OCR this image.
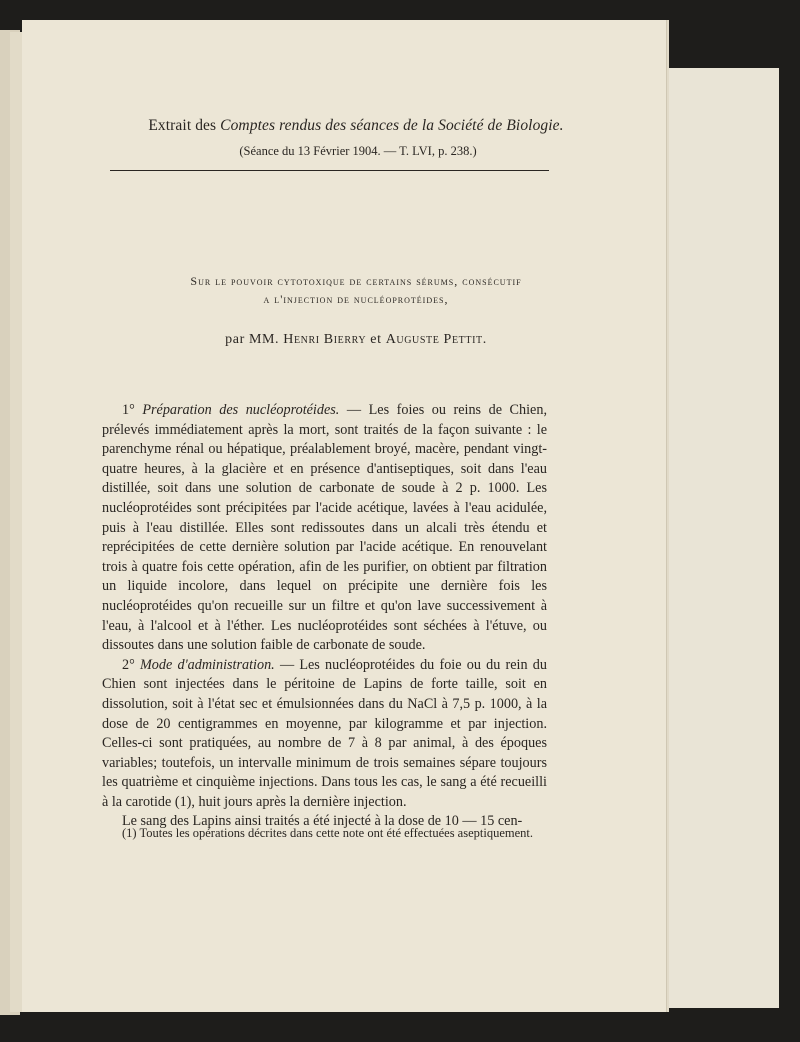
Extrait des Comptes rendus des séances de la Société de Biologie.
(Séance du 13 Février 1904. — T. LVI, p. 238.)
Sur le pouvoir cytotoxique de certains sérums, consécutif
a l'injection de nucléoprotéides,
par MM. Henri Bierry et Auguste Pettit.

1° Préparation des nucléoprotéides. — Les foies ou reins de Chien, prélevés immédiatement après la mort, sont traités de la façon suivante : le parenchyme rénal ou hépatique, préalablement broyé, macère, pendant vingt-quatre heures, à la glacière et en présence d'antiseptiques, soit dans l'eau distillée, soit dans une solution de carbonate de soude à 2 p. 1000. Les nucléoprotéides sont précipitées par l'acide acétique, lavées à l'eau acidulée, puis à l'eau distillée. Elles sont redissoutes dans un alcali très étendu et reprécipitées de cette dernière solution par l'acide acétique. En renouvelant trois à quatre fois cette opération, afin de les purifier, on obtient par filtration un liquide incolore, dans lequel on précipite une dernière fois les nucléoprotéides qu'on recueille sur un filtre et qu'on lave successivement à l'eau, à l'alcool et à l'éther. Les nucléoprotéides sont séchées à l'étuve, ou dissoutes dans une solution faible de carbonate de soude.

2° Mode d'administration. — Les nucléoprotéides du foie ou du rein du Chien sont injectées dans le péritoine de Lapins de forte taille, soit en dissolution, soit à l'état sec et émulsionnées dans du NaCl à 7,5 p. 1000, à la dose de 20 centigrammes en moyenne, par kilogramme et par injection. Celles-ci sont pratiquées, au nombre de 7 à 8 par animal, à des époques variables; toutefois, un intervalle minimum de trois semaines sépare toujours les quatrième et cinquième injections. Dans tous les cas, le sang a été recueilli à la carotide (1), huit jours après la dernière injection.

Le sang des Lapins ainsi traités a été injecté à la dose de 10 — 15 cen-

(1) Toutes les opérations décrites dans cette note ont été effectuées aseptiquement.
